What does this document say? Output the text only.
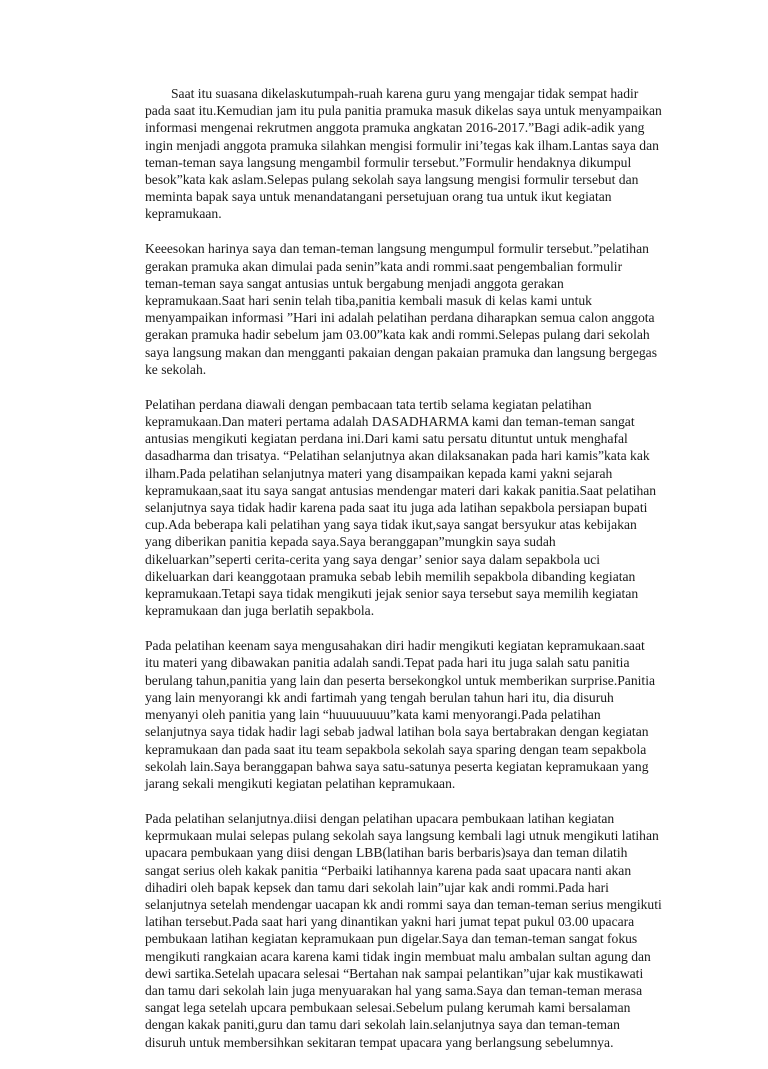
Saat itu suasana dikelaskutumpah-ruah karena guru yang mengajar tidak sempat hadir pada saat itu.Kemudian jam itu pula panitia pramuka masuk dikelas saya untuk menyampaikan informasi mengenai rekrutmen anggota pramuka angkatan 2016-2017.”Bagi adik-adik yang ingin menjadi anggota pramuka silahkan mengisi formulir ini’tegas kak ilham.Lantas saya dan teman-teman saya langsung mengambil formulir tersebut.”Formulir hendaknya dikumpul besok”kata kak aslam.Selepas pulang sekolah saya langsung mengisi formulir tersebut dan meminta bapak saya untuk menandatangani persetujuan orang tua untuk ikut kegiatan kepramukaan.

Keeesokan harinya saya dan teman-teman langsung mengumpul formulir tersebut.”pelatihan gerakan pramuka akan dimulai pada senin”kata andi rommi.saat pengembalian formulir teman-teman saya sangat antusias untuk bergabung menjadi anggota gerakan kepramukaan.Saat hari senin telah tiba,panitia kembali masuk di kelas kami untuk menyampaikan informasi ”Hari ini adalah pelatihan perdana diharapkan semua calon anggota gerakan pramuka hadir sebelum jam 03.00”kata kak andi rommi.Selepas pulang dari sekolah saya langsung makan dan mengganti pakaian dengan pakaian pramuka dan langsung bergegas ke sekolah.

Pelatihan perdana diawali dengan pembacaan tata tertib selama kegiatan pelatihan kepramukaan.Dan materi pertama adalah DASADHARMA kami dan teman-teman sangat antusias mengikuti kegiatan perdana ini.Dari kami satu persatu dituntut untuk menghafal dasadharma dan trisatya. “Pelatihan selanjutnya akan dilaksanakan pada hari kamis”kata kak ilham.Pada pelatihan selanjutnya materi yang disampaikan kepada kami yakni sejarah kepramukaan,saat itu saya sangat antusias mendengar materi dari kakak panitia.Saat pelatihan selanjutnya saya tidak hadir karena pada saat itu juga ada latihan sepakbola persiapan bupati cup.Ada beberapa kali pelatihan yang saya tidak ikut,saya sangat bersyukur atas kebijakan yang diberikan panitia kepada saya.Saya beranggapan”mungkin saya sudah dikeluarkan”seperti cerita-cerita yang saya dengar’ senior saya dalam sepakbola uci dikeluarkan dari keanggotaan pramuka sebab lebih memilih sepakbola dibanding kegiatan kepramukaan.Tetapi saya tidak mengikuti jejak senior saya tersebut saya memilih kegiatan kepramukaan dan juga berlatih sepakbola.

Pada pelatihan keenam saya mengusahakan diri hadir mengikuti kegiatan kepramukaan.saat itu materi yang dibawakan panitia adalah sandi.Tepat pada hari itu juga salah satu panitia berulang tahun,panitia yang lain dan peserta bersekongkol untuk memberikan surprise.Panitia yang lain menyorangi kk andi fartimah yang tengah berulan tahun hari itu, dia disuruh menyanyi oleh panitia yang lain “huuuuuuuu”kata kami menyorangi.Pada pelatihan selanjutnya saya tidak hadir lagi sebab jadwal latihan bola saya bertabrakan dengan kegiatan kepramukaan dan pada saat itu team sepakbola sekolah saya sparing dengan team sepakbola sekolah lain.Saya beranggapan bahwa saya satu-satunya peserta kegiatan kepramukaan yang jarang sekali mengikuti kegiatan pelatihan kepramukaan.

Pada pelatihan selanjutnya.diisi dengan pelatihan upacara pembukaan latihan kegiatan keprmukaan mulai selepas pulang sekolah saya langsung kembali lagi utnuk mengikuti latihan upacara pembukaan yang diisi dengan LBB(latihan baris berbaris)saya dan teman dilatih sangat serius oleh kakak panitia “Perbaiki latihannya karena pada saat upacara nanti akan dihadiri oleh bapak kepsek dan tamu dari sekolah lain”ujar kak andi rommi.Pada hari selanjutnya setelah mendengar uacapan kk andi rommi saya dan teman-teman serius mengikuti latihan tersebut.Pada saat hari yang dinantikan yakni hari jumat tepat pukul 03.00 upacara pembukaan latihan kegiatan kepramukaan pun digelar.Saya dan teman-teman sangat fokus mengikuti rangkaian acara karena kami tidak ingin membuat malu ambalan sultan agung dan dewi sartika.Setelah upacara selesai “Bertahan nak sampai pelantikan”ujar kak mustikawati dan tamu dari sekolah lain juga menyuarakan hal yang sama.Saya dan teman-teman merasa sangat lega setelah upcara pembukaan selesai.Sebelum pulang kerumah kami bersalaman dengan kakak paniti,guru dan tamu dari sekolah lain.selanjutnya saya dan teman-teman disuruh untuk membersihkan sekitaran tempat upacara yang berlangsung sebelumnya.
